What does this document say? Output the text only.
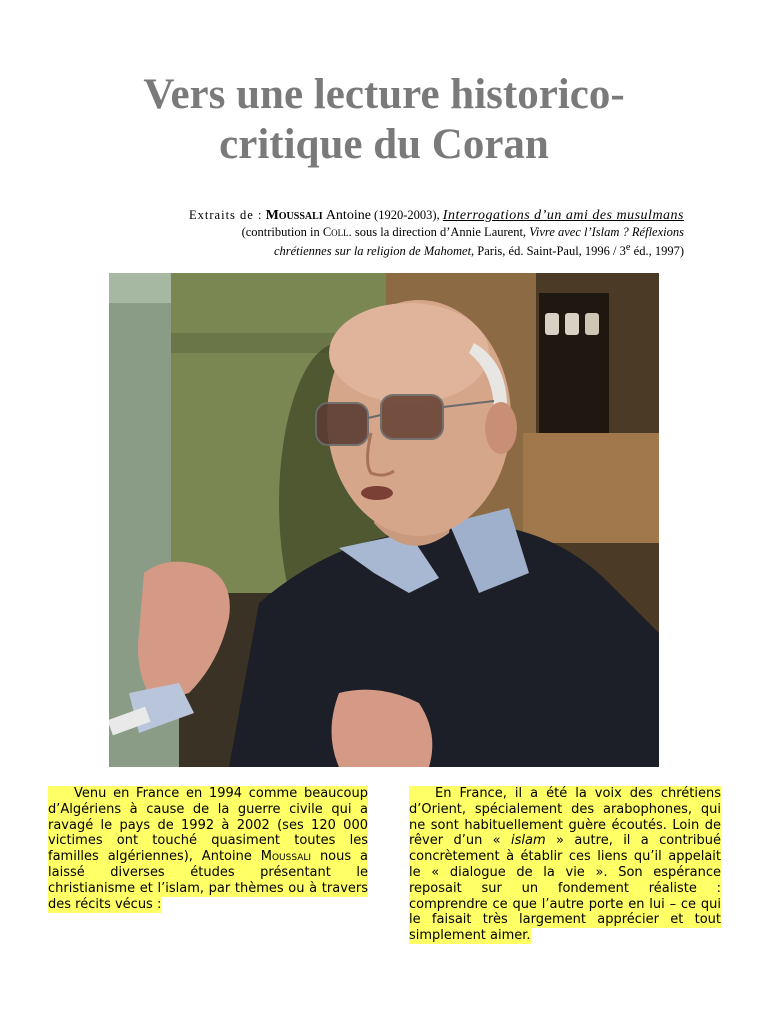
Vers une lecture historico-
critique du Coran
Extraits de : Moussali Antoine (1920-2003), Interrogations d’un ami des musulmans
(contribution in Coll. sous la direction d’Annie Laurent, Vivre avec l’Islam ? Réflexions
chrétiennes sur la religion de Mahomet, Paris, éd. Saint-Paul, 1996 / 3e éd., 1997)
Venu en France en 1994 comme beaucoup d’Algériens à cause de la guerre civile qui a ravagé le pays de 1992 à 2002 (ses 120 000 victimes ont touché quasiment toutes les familles algériennes), Antoine Moussali nous a laissé diverses études présentant le christianisme et l’islam, par thèmes ou à travers des récits vécus :
En France, il a été la voix des chrétiens d’Orient, spécialement des arabophones, qui ne sont habituellement guère écoutés. Loin de rêver d’un « islam » autre, il a contribué concrètement à établir ces liens qu’il appelait le « dialogue de la vie ». Son espérance reposait sur un fondement réaliste : comprendre ce que l’autre porte en lui – ce qui le faisait très largement apprécier et tout simplement aimer.
